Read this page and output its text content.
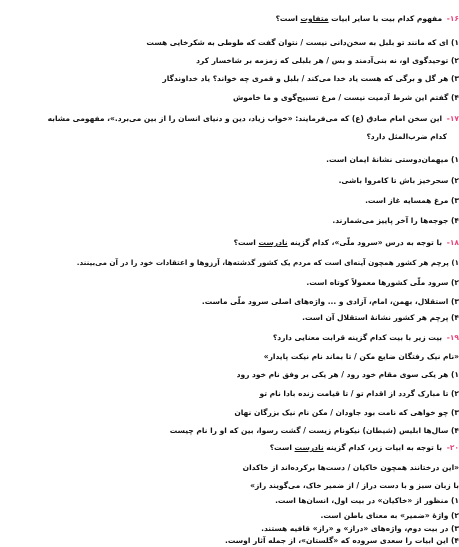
۱۶- مفهوم کدام بیت با سایر ابیات متفاوت است؟
۱) ای که مانند تو بلبل به سخن‌دانی نیست / نتوان گفت که طوطی به شکرخایی هست
۲) توحیدگوی او، نه بنی‌آدمند و بس / هر بلبلی که زمزمه بر شاخسار کرد
۳) هر گل و برگی که هست یاد خدا می‌کند / بلبل و قمری چه خواند؟ یاد خداوندگار
۴) گفتم این شرط آدمیت نیست / مرغ تسبیح‌گوی و ما خاموش
۱۷- این سخن امام صادق (ع) که می‌فرمایند: «خواب زیاد، دین و دنیای انسان را از بین می‌برد.»، مفهومی مشابه
کدام ضرب‌المثل دارد؟
۱) میهمان‌دوستی نشانهٔ ایمان است.
۲) سحرخیز باش تا کامروا باشی.
۳) مرغ همسایه غاز است.
۴) جوجه‌ها را آخر پاییز می‌شمارند.
۱۸- با توجه به درس «سرود ملّی»، کدام گزینه نادرست است؟
۱) پرچم هر کشور همچون آینه‌ای است که مردم یک کشور گذشته‌ها، آرزوها و اعتقادات خود را در آن می‌بینند.
۲) سرود ملّی کشورها معمولاً کوتاه است.
۳) استقلال، بهمن، امام، آزادی و ... واژه‌های اصلی سرود ملّی ماست.
۴) پرچم هر کشور نشانهٔ استقلال آن است.
۱۹- بیت زیر با بیت کدام گزینه قرابت معنایی دارد؟
«نام نیک رفتگان ضایع مکن / تا بماند نام نیکت پایدار»
۱) هر یکی سوی مقام خود رود / هر یکی بر وفق نام خود رود
۲) تا مبارک گردد از اقدام تو / تا قیامت زنده بادا نام تو
۳) چو خواهی که نامت بود جاودان / مکن نام نیک بزرگان نهان
۴) سال‌ها ابلیس (شیطان) نیکونام زیست / گشت رسوا، بین که او را نام چیست
۲۰- با توجه به ابیات زیر، کدام گزینه نادرست است؟
«این درختانند همچون خاکیان / دست‌ها برکرده‌اند از خاکدان
با زبان سبز و با دست دراز / از ضمیر خاک، می‌گویند راز»
۱) منظور از «خاکیان» در بیت اول، انسان‌ها است.
۲) واژهٔ «ضمیر» به معنای باطن است.
۳) در بیت دوم، واژه‌های «دراز» و «راز» قافیه هستند.
۴) این ابیات را سعدی سروده که «گلستان»، از جمله آثار اوست.
